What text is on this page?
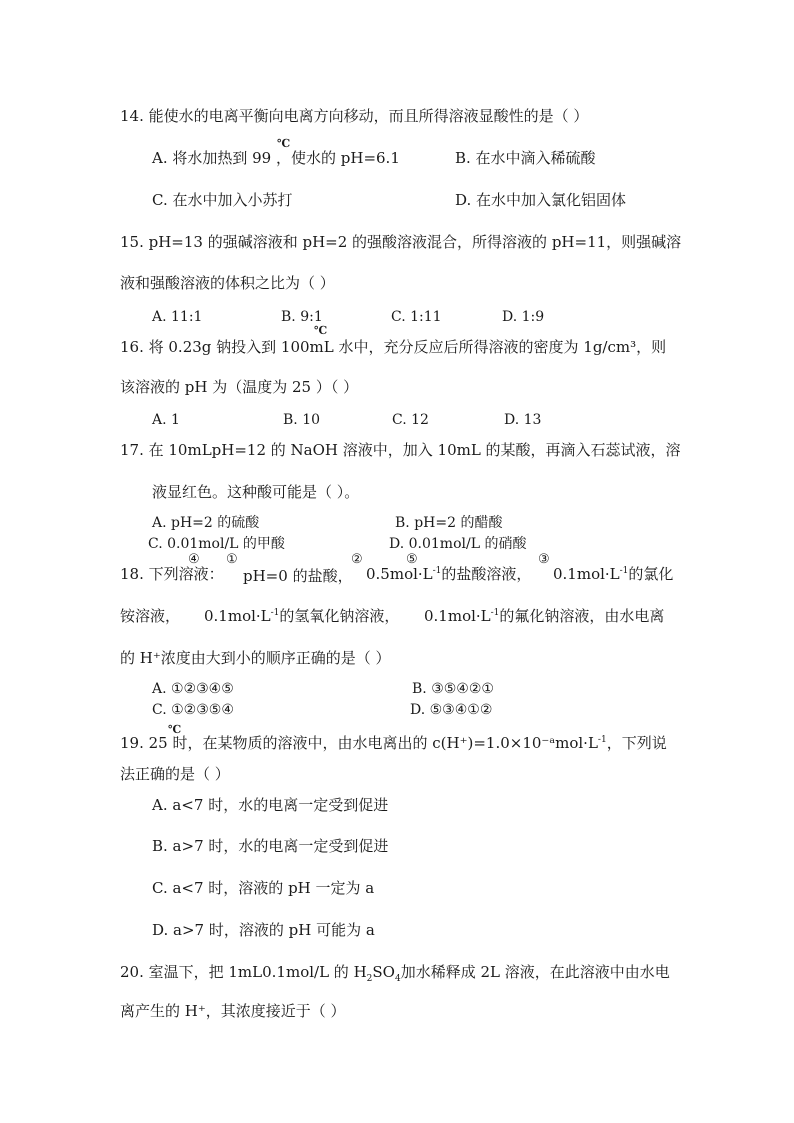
14. 能使水的电离平衡向电离方向移动，而且所得溶液显酸性的是（ ）
A. 将水加热到 99 ，使水的 pH=6.1
℃
B. 在水中滴入稀硫酸
C. 在水中加入小苏打	D. 在水中加入氯化铝固体
15. pH=13 的强碱溶液和 pH=2 的强酸溶液混合，所得溶液的 pH=11，则强碱溶
液和强酸溶液的体积之比为（ ）
A. 11:1	B. 9:1	C. 1:11	D. 1:9
℃
16. 将 0.23g 钠投入到 100mL 水中，充分反应后所得溶液的密度为 1g/cm³，则
该溶液的 pH 为（温度为 25 ）（ ）
A. 1	B. 10	C. 12	D. 13
17. 在 10mLpH=12 的 NaOH 溶液中，加入 10mL 的某酸，再滴入石蕊试液，溶
液显红色。这种酸可能是（ ）。
A. pH=2 的硫酸	B. pH=2 的醋酸
C. 0.01mol/L 的甲酸	D. 0.01mol/L 的硝酸
①	②	③
④	⑤
18. 下列溶液： pH=0 的盐酸， $0.5mol\cdot L^{-1}$的盐酸溶液， $0.1mol\cdot L^{-1}$的氯化
铵溶液， $0.1mol\cdot L^{-1}$的氢氧化钠溶液， $0.1mol\cdot L^{-1}$的氟化钠溶液，由水电离
的 H⁺浓度由大到小的顺序正确的是（ ）
A. ①②③④⑤	B. ③⑤④②①
C. ①②③⑤④	D. ⑤③④①②
℃
19. 25 时，在某物质的溶液中，由水电离出的 $c(H^+)=1.0\times 10^-ᵃmol\cdot L^{-1}$，下列说
法正确的是（ ）
A. a<7 时，水的电离一定受到促进
B. a>7 时，水的电离一定受到促进
C. a<7 时，溶液的 pH 一定为 a
D. a>7 时，溶液的 pH 可能为 a
20. 室温下，把 1mL0.1mol/L 的 $H_2SO_4$加水稀释成 2L 溶液，在此溶液中由水电
离产生的 H⁺，其浓度接近于（ ）
